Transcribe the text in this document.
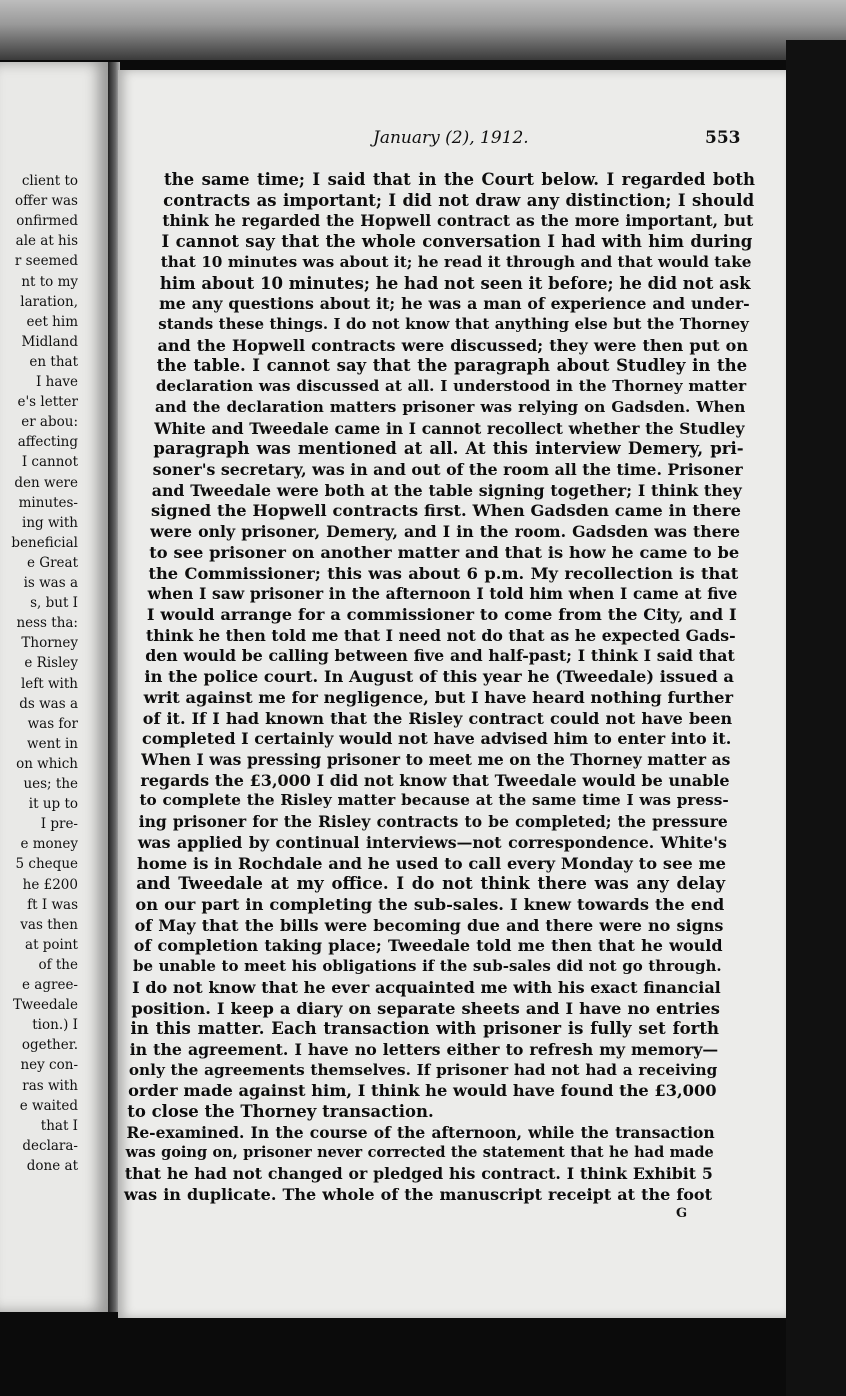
client to
offer was
onfirmed
ale at his
r seemed
nt to my
laration,
eet him
Midland
en that
I have
e's letter
er abou:
affecting
I cannot
den were
minutes-
ing with
beneficial
e Great
is was a
s, but I
ness tha:
Thorney
e Risley
left with
ds was a
was for
went in
on which
ues; the
it up to
I pre-
e money
5 cheque
he £200
ft I was
vas then
at point
of the
e agree-
Tweedale
tion.) I
ogether.
ney con-
ras with
e waited
that I
declara-
done at
January (2), 1912.	553
the same time; I said that in the Court below. I regarded both
contracts as important; I did not draw any distinction; I should
think he regarded the Hopwell contract as the more important, but
I cannot say that the whole conversation I had with him during
that 10 minutes was about it; he read it through and that would take
him about 10 minutes; he had not seen it before; he did not ask
me any questions about it; he was a man of experience and under-
stands these things. I do not know that anything else but the Thorney
and the Hopwell contracts were discussed; they were then put on
the table. I cannot say that the paragraph about Studley in the
declaration was discussed at all. I understood in the Thorney matter
and the declaration matters prisoner was relying on Gadsden. When
White and Tweedale came in I cannot recollect whether the Studley
paragraph was mentioned at all. At this interview Demery, pri-
soner's secretary, was in and out of the room all the time. Prisoner
and Tweedale were both at the table signing together; I think they
signed the Hopwell contracts first. When Gadsden came in there
were only prisoner, Demery, and I in the room. Gadsden was there
to see prisoner on another matter and that is how he came to be
the Commissioner; this was about 6 p.m. My recollection is that
when I saw prisoner in the afternoon I told him when I came at five
I would arrange for a commissioner to come from the City, and I
think he then told me that I need not do that as he expected Gads-
den would be calling between five and half-past; I think I said that
in the police court. In August of this year he (Tweedale) issued a
writ against me for negligence, but I have heard nothing further
of it. If I had known that the Risley contract could not have been
completed I certainly would not have advised him to enter into it.
When I was pressing prisoner to meet me on the Thorney matter as
regards the £3,000 I did not know that Tweedale would be unable
to complete the Risley matter because at the same time I was press-
ing prisoner for the Risley contracts to be completed; the pressure
was applied by continual interviews—not correspondence. White's
home is in Rochdale and he used to call every Monday to see me
and Tweedale at my office. I do not think there was any delay
on our part in completing the sub-sales. I knew towards the end
of May that the bills were becoming due and there were no signs
of completion taking place; Tweedale told me then that he would
be unable to meet his obligations if the sub-sales did not go through.
I do not know that he ever acquainted me with his exact financial
position. I keep a diary on separate sheets and I have no entries
in this matter. Each transaction with prisoner is fully set forth
in the agreement. I have no letters either to refresh my memory—
only the agreements themselves. If prisoner had not had a receiving
order made against him, I think he would have found the £3,000
to close the Thorney transaction.
Re-examined. In the course of the afternoon, while the transaction
was going on, prisoner never corrected the statement that he had made
that he had not changed or pledged his contract. I think Exhibit 5
was in duplicate. The whole of the manuscript receipt at the foot
G
